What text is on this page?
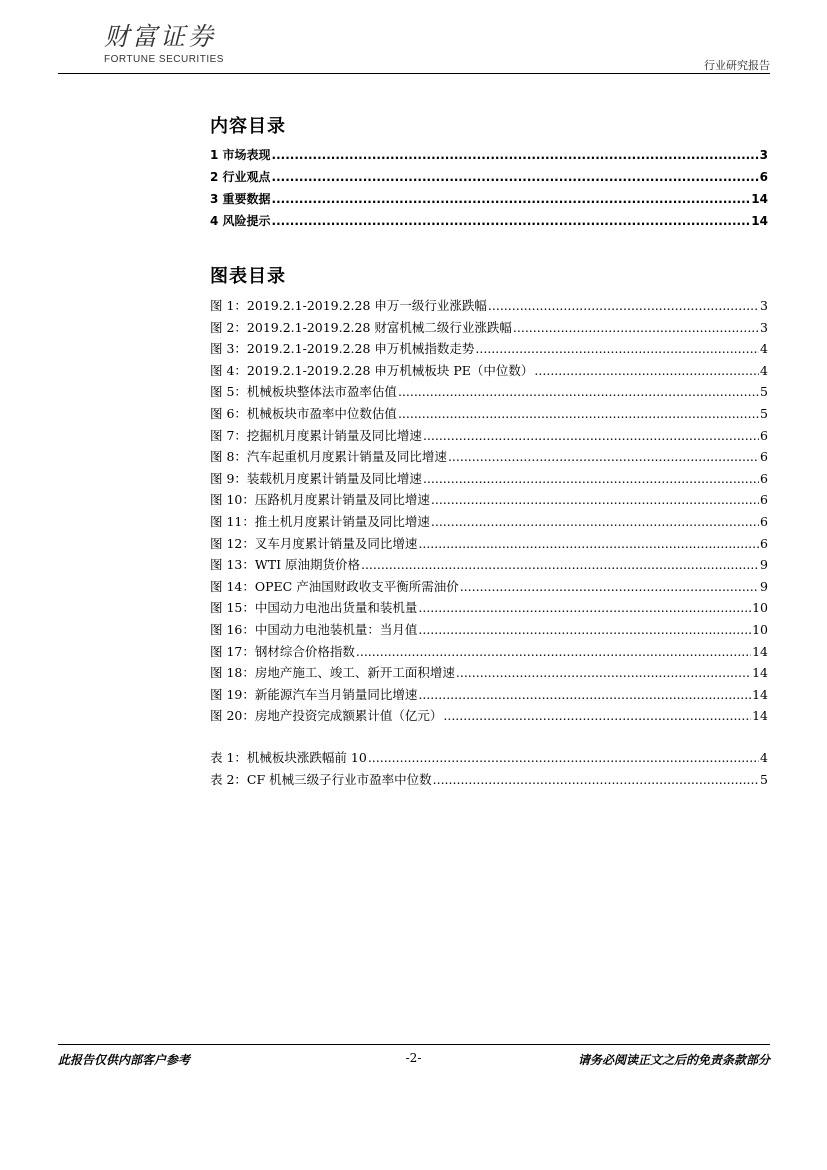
财富证券
FORTUNE SECURITIES	行业研究报告
内容目录
1 市场表现 .....	3
2 行业观点 .....	6
3 重要数据 .....	14
4 风险提示 .....	14
图表目录
图 1：2019.2.1-2019.2.28 申万一级行业涨跌幅 .....	3
图 2：2019.2.1-2019.2.28 财富机械二级行业涨跌幅 .....	3
图 3：2019.2.1-2019.2.28 申万机械指数走势 .....	4
图 4：2019.2.1-2019.2.28 申万机械板块 PE（中位数） .....	4
图 5：机械板块整体法市盈率估值 .....	5
图 6：机械板块市盈率中位数估值 .....	5
图 7：挖掘机月度累计销量及同比增速 .....	6
图 8：汽车起重机月度累计销量及同比增速 .....	6
图 9：装载机月度累计销量及同比增速 .....	6
图 10：压路机月度累计销量及同比增速 .....	6
图 11：推土机月度累计销量及同比增速 .....	6
图 12：叉车月度累计销量及同比增速 .....	6
图 13：WTI 原油期货价格 .....	9
图 14：OPEC 产油国财政收支平衡所需油价 .....	9
图 15：中国动力电池出货量和装机量 .....	10
图 16：中国动力电池装机量：当月值 .....	10
图 17：钢材综合价格指数 .....	14
图 18：房地产施工、竣工、新开工面积增速 .....	14
图 19：新能源汽车当月销量同比增速 .....	14
图 20：房地产投资完成额累计值（亿元） .....	14
表 1：机械板块涨跌幅前 10 .....	4
表 2：CF 机械三级子行业市盈率中位数 .....	5
此报告仅供内部客户参考	-2-	请务必阅读正文之后的免责条款部分
